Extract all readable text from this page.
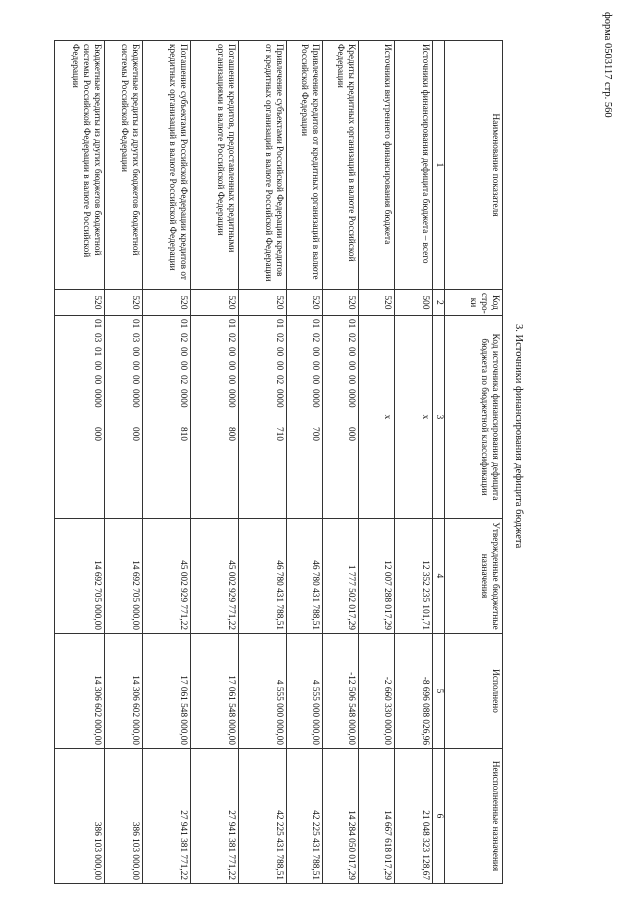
форма 0503117 стр. 560
3. Источники финансирования дефицита бюджета
Наименование показателя	Код стро-ки	Код источника финансирования дефицита бюджета по бюджетной классификации	Утвержденные бюджетные назначения	Исполнено	Неисполненные назначения
1	2	3	4	5	6
Источники финансирования дефицита бюджета – всего	500	x	12 352 235 101,71	-8 696 088 026,96	21 048 323 128,67
Источники внутреннего финансирования бюджета	520	x	12 007 288 017,29	-2 660 330 000,00	14 667 618 017,29
Кредиты кредитных организаций в валюте Российской Федерации	520	01020000000000000	1 777 502 017,29	-12 506 548 000,00	14 284 050 017,29
Привлечение кредитов от кредитных организаций в валюте Российской Федерации	520	01020000000000700	46 780 431 788,51	4 555 000 000,00	42 225 431 788,51
Привлечение субъектами Российской Федерации кредитов от кредитных организаций в валюте Российской Федерации	520	01020000020000710	46 780 431 788,51	4 555 000 000,00	42 225 431 788,51
Погашение кредитов, предоставленных кредитными организациями в валюте Российской Федерации	520	01020000000000800	45 002 929 771,22	17 061 548 000,00	27 941 381 771,22
Погашение субъектами Российской Федерации кредитов от кредитных организаций в валюте Российской Федерации	520	01020000020000810	45 002 929 771,22	17 061 548 000,00	27 941 381 771,22
Бюджетные кредиты из других бюджетов бюджетной системы Российской Федерации	520	01030000000000000	14 692 705 000,00	14 306 602 000,00	386 103 000,00
Бюджетные кредиты из других бюджетов бюджетной системы Российской Федерации в валюте Российской Федерации	520	01030100000000000	14 692 705 000,00	14 306 602 000,00	386 103 000,00
